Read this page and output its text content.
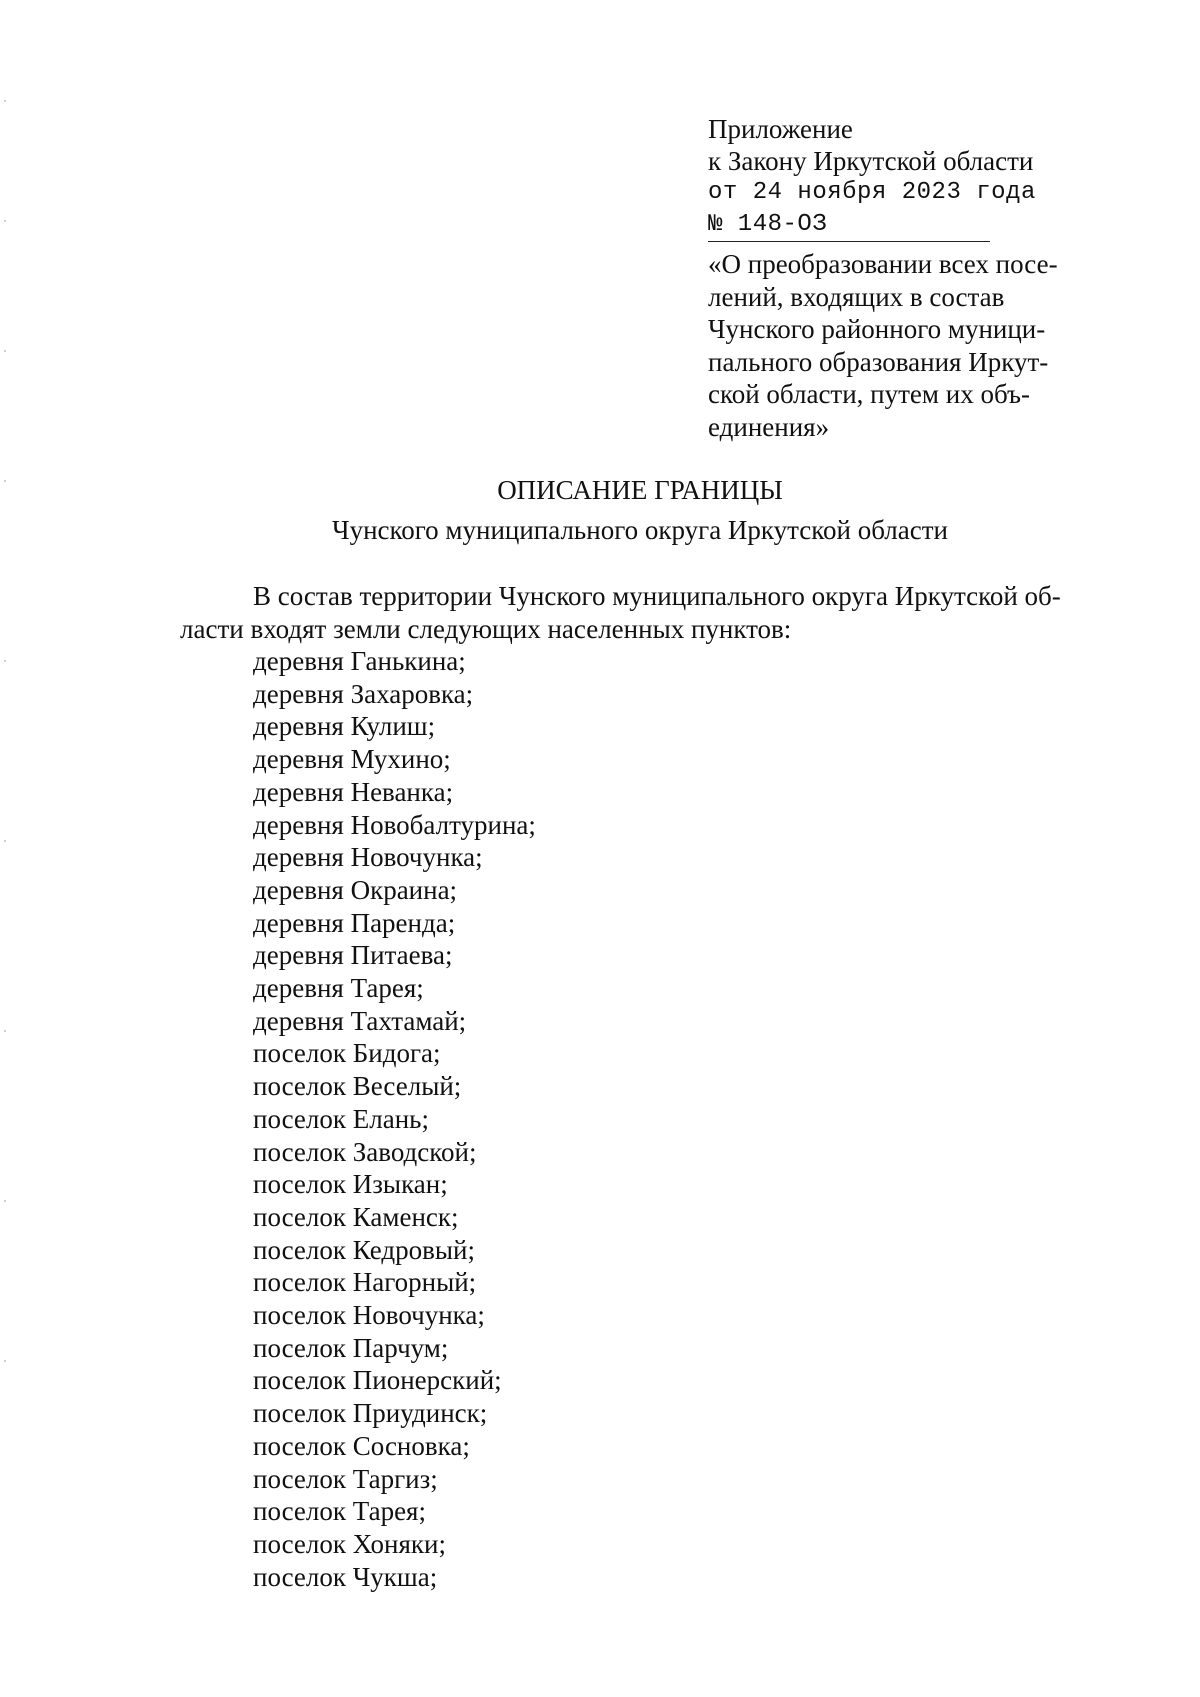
Приложение
к Закону Иркутской области
от 24 ноября 2023 года
№ 148-ОЗ
«О преобразовании всех посе-
лений, входящих в состав
Чунского районного муници-
пального образования Иркут-
ской области, путем их объ-
единения»
ОПИСАНИЕ ГРАНИЦЫ
Чунского муниципального округа Иркутской области
В состав территории Чунского муниципального округа Иркутской об-
ласти входят земли следующих населенных пунктов:
деревня Ганькина;
деревня Захаровка;
деревня Кулиш;
деревня Мухино;
деревня Неванка;
деревня Новобалтурина;
деревня Новочунка;
деревня Окраина;
деревня Паренда;
деревня Питаева;
деревня Тарея;
деревня Тахтамай;
поселок Бидога;
поселок Веселый;
поселок Елань;
поселок Заводской;
поселок Изыкан;
поселок Каменск;
поселок Кедровый;
поселок Нагорный;
поселок Новочунка;
поселок Парчум;
поселок Пионерский;
поселок Приудинск;
поселок Сосновка;
поселок Таргиз;
поселок Тарея;
поселок Хоняки;
поселок Чукша;
